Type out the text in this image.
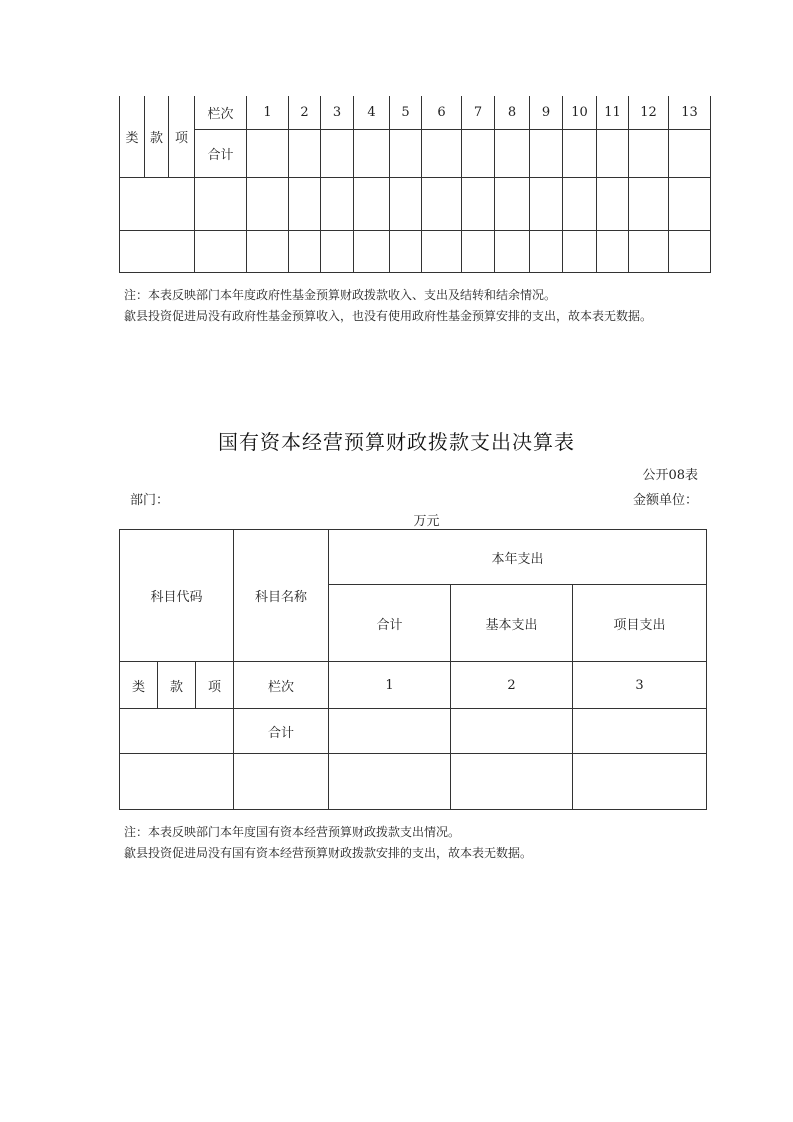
类	款	项	栏次	1	2	3	4	5	6	7	8	9	10	11	12	13
			合计													

注：本表反映部门本年度政府性基金预算财政拨款收入、支出及结转和结余情况。
歙县投资促进局没有政府性基金预算收入，也没有使用政府性基金预算安排的支出，故本表无数据。
国有资本经营预算财政拨款支出决算表
公开08表
部门：	金额单位：
万元
科目代码			科目名称	本年支出		
				合计	基本支出	项目支出
类	款	项	栏次	1	2	3
			合计			

注：本表反映部门本年度国有资本经营预算财政拨款支出情况。
歙县投资促进局没有国有资本经营预算财政拨款安排的支出，故本表无数据。
